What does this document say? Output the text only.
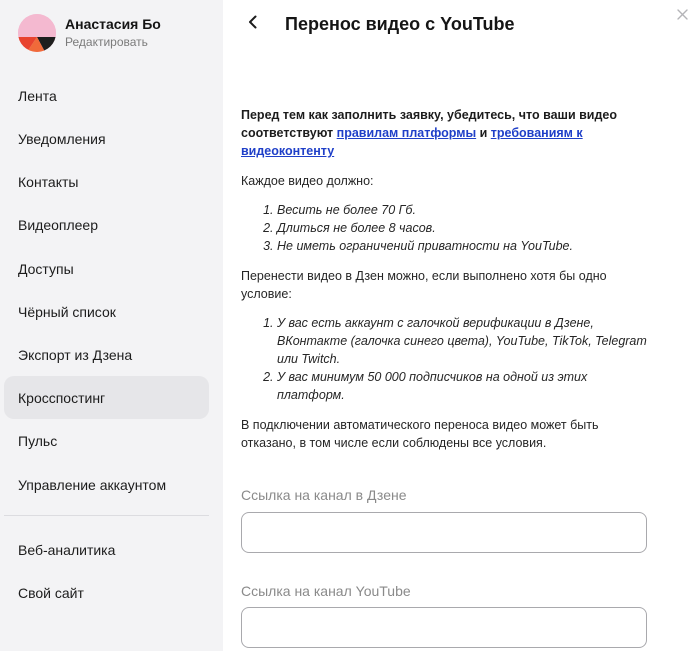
Анастасия Бо
Редактировать
Лента
Уведомления
Контакты
Видеоплеер
Доступы
Чёрный список
Экспорт из Дзена
Кросспостинг
Пульс
Управление аккаунтом
Веб-аналитика
Свой сайт
Перенос видео с YouTube

Перед тем как заполнить заявку, убедитесь, что ваши видео соответствуют правилам платформы и требованиям к видеоконтенту

Каждое видео должно:

1. Весить не более 70 Гб.
2. Длиться не более 8 часов.
3. Не иметь ограничений приватности на YouTube.

Перенести видео в Дзен можно, если выполнено хотя бы одно условие:

1. У вас есть аккаунт с галочкой верификации в Дзене, ВКонтакте (галочка синего цвета), YouTube, TikTok, Telegram или Twitch.
2. У вас минимум 50 000 подписчиков на одной из этих платформ.

В подключении автоматического переноса видео может быть отказано, в том числе если соблюдены все условия.

Ссылка на канал в Дзене
Ссылка на канал YouTube
